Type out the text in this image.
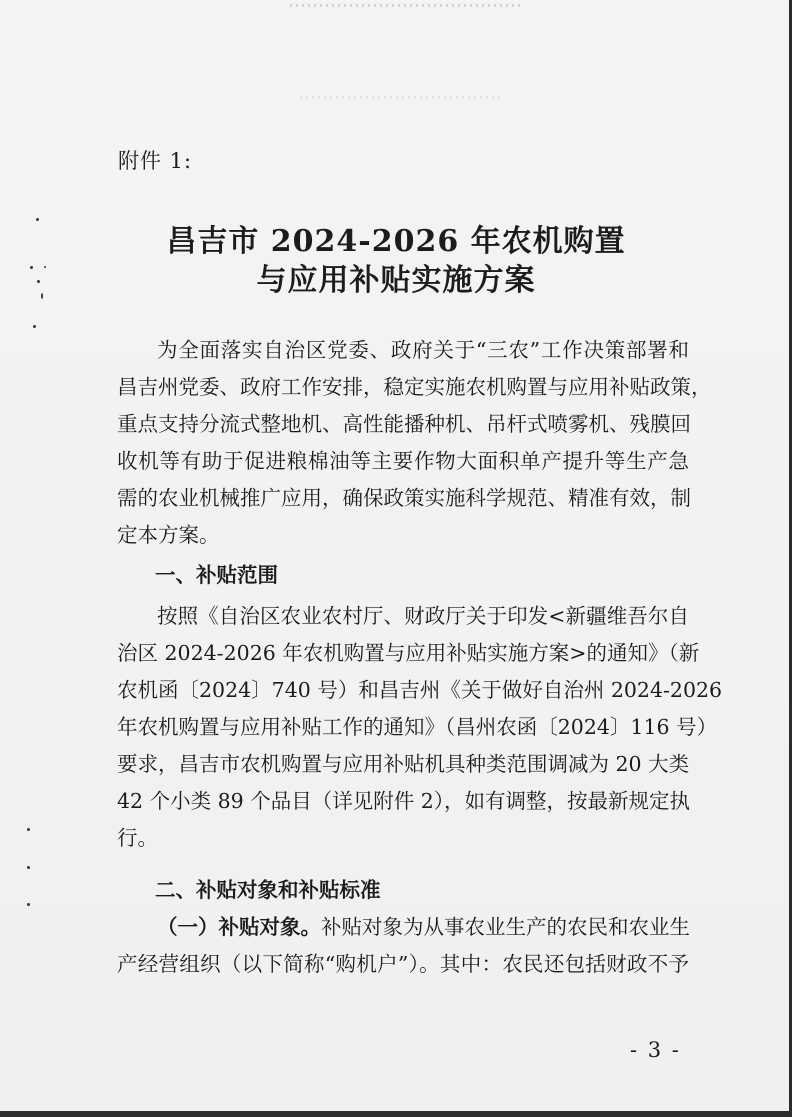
附件 1:
昌吉市 2024-2026 年农机购置
与应用补贴实施方案
为全面落实自治区党委、政府关于“三农”工作决策部署和
昌吉州党委、政府工作安排，稳定实施农机购置与应用补贴政策，
重点支持分流式整地机、高性能播种机、吊杆式喷雾机、残膜回
收机等有助于促进粮棉油等主要作物大面积单产提升等生产急
需的农业机械推广应用，确保政策实施科学规范、精准有效，制
定本方案。
一、补贴范围
按照《自治区农业农村厅、财政厅关于印发<新疆维吾尔自
治区 2024-2026 年农机购置与应用补贴实施方案>的通知》（新
农机函〔2024〕740 号）和昌吉州《关于做好自治州 2024-2026
年农机购置与应用补贴工作的通知》（昌州农函〔2024〕116 号）
要求，昌吉市农机购置与应用补贴机具种类范围调减为 20 大类
42 个小类 89 个品目（详见附件 2），如有调整，按最新规定执
行。
二、补贴对象和补贴标准
（一）补贴对象。补贴对象为从事农业生产的农民和农业生
产经营组织（以下简称“购机户”）。其中：农民还包括财政不予
- 3 -
